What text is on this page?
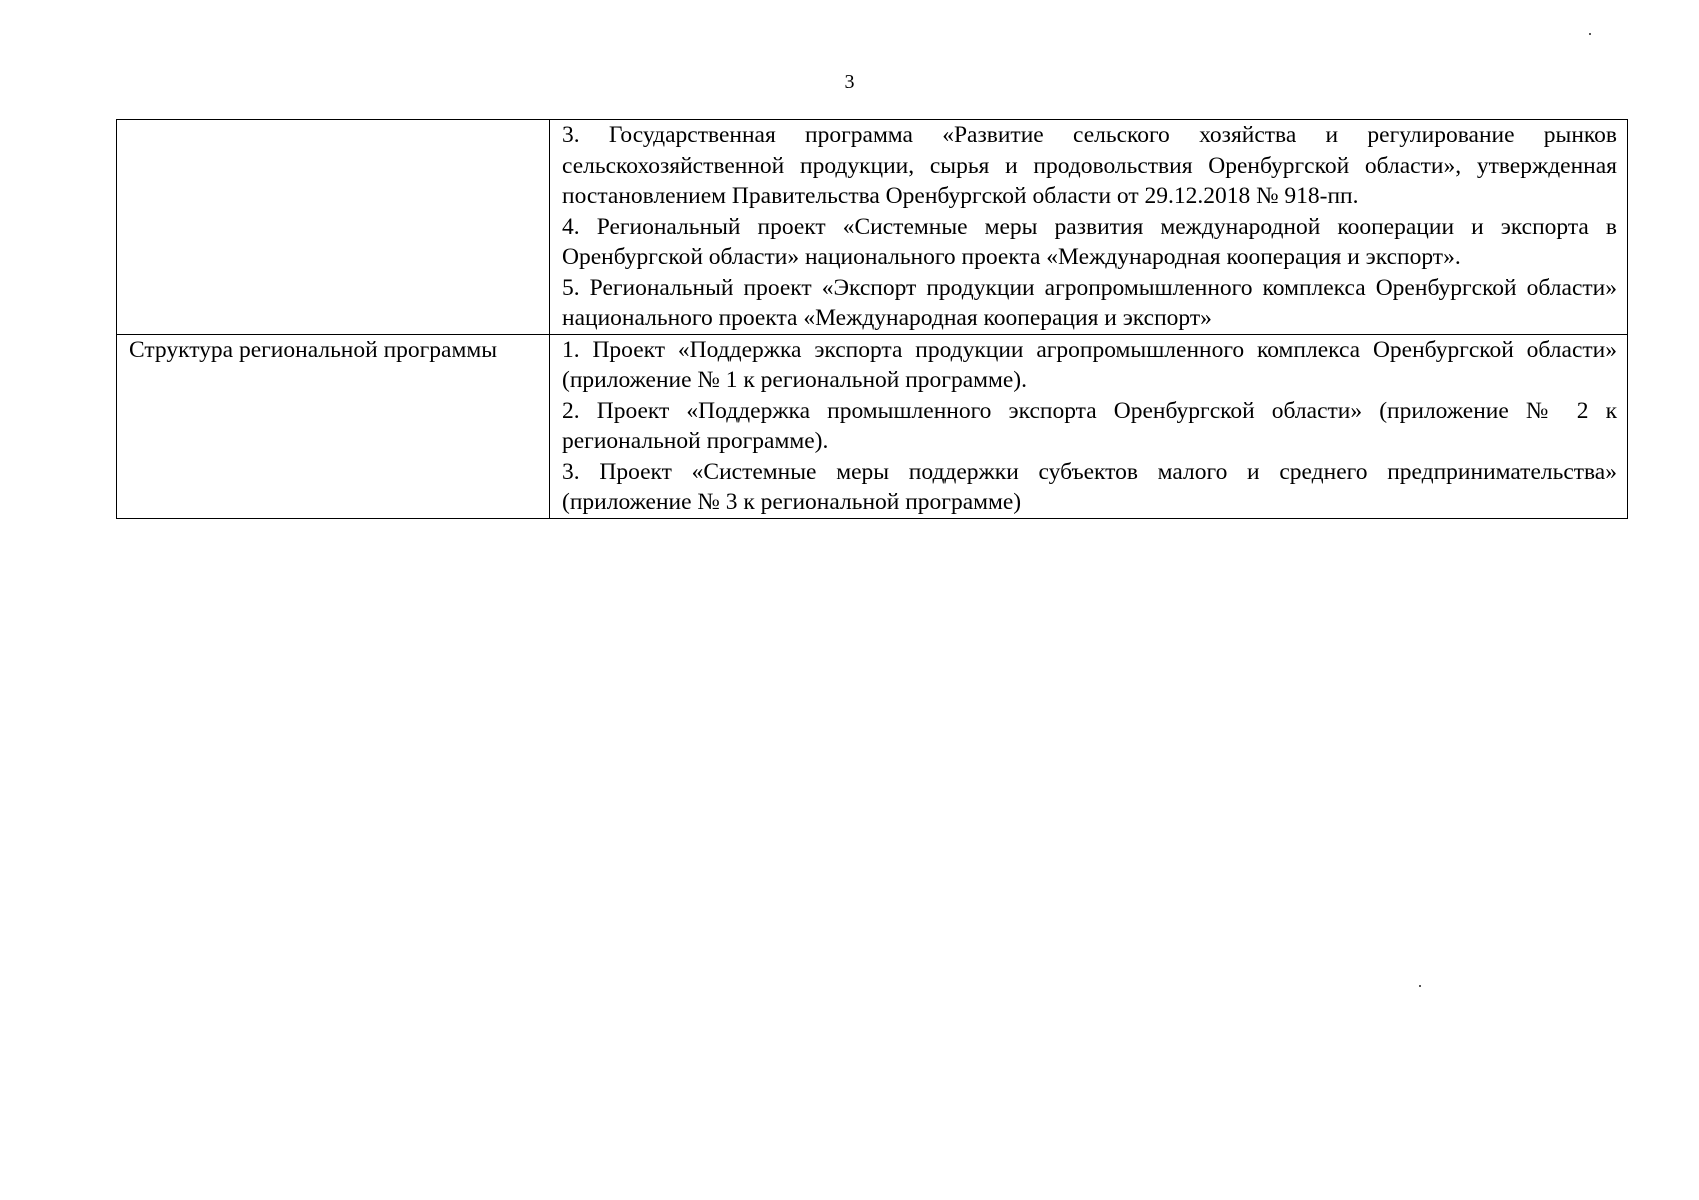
3

	3. Государственная программа «Развитие сельского хозяйства и регулирование рынков сельскохозяйственной продукции, сырья и продовольствия Оренбургской области», утвержденная постановлением Правительства Оренбургской области от 29.12.2018 № 918-пп.

4. Региональный проект «Системные меры развития международной кооперации и экспорта в Оренбургской области» национального проекта «Международная кооперация и экспорт».

5. Региональный проект «Экспорт продукции агропромышленного комплекса Оренбургской области» национального проекта «Международная кооперация и экспорт»

Структура региональной программы	1. Проект «Поддержка экспорта продукции агропромышленного комплекса Оренбургской области» (приложение № 1 к региональной программе).

2. Проект «Поддержка промышленного экспорта Оренбургской области» (приложение № 2 к региональной программе).

3. Проект «Системные меры поддержки субъектов малого и среднего предпринимательства» (приложение № 3 к региональной программе)
